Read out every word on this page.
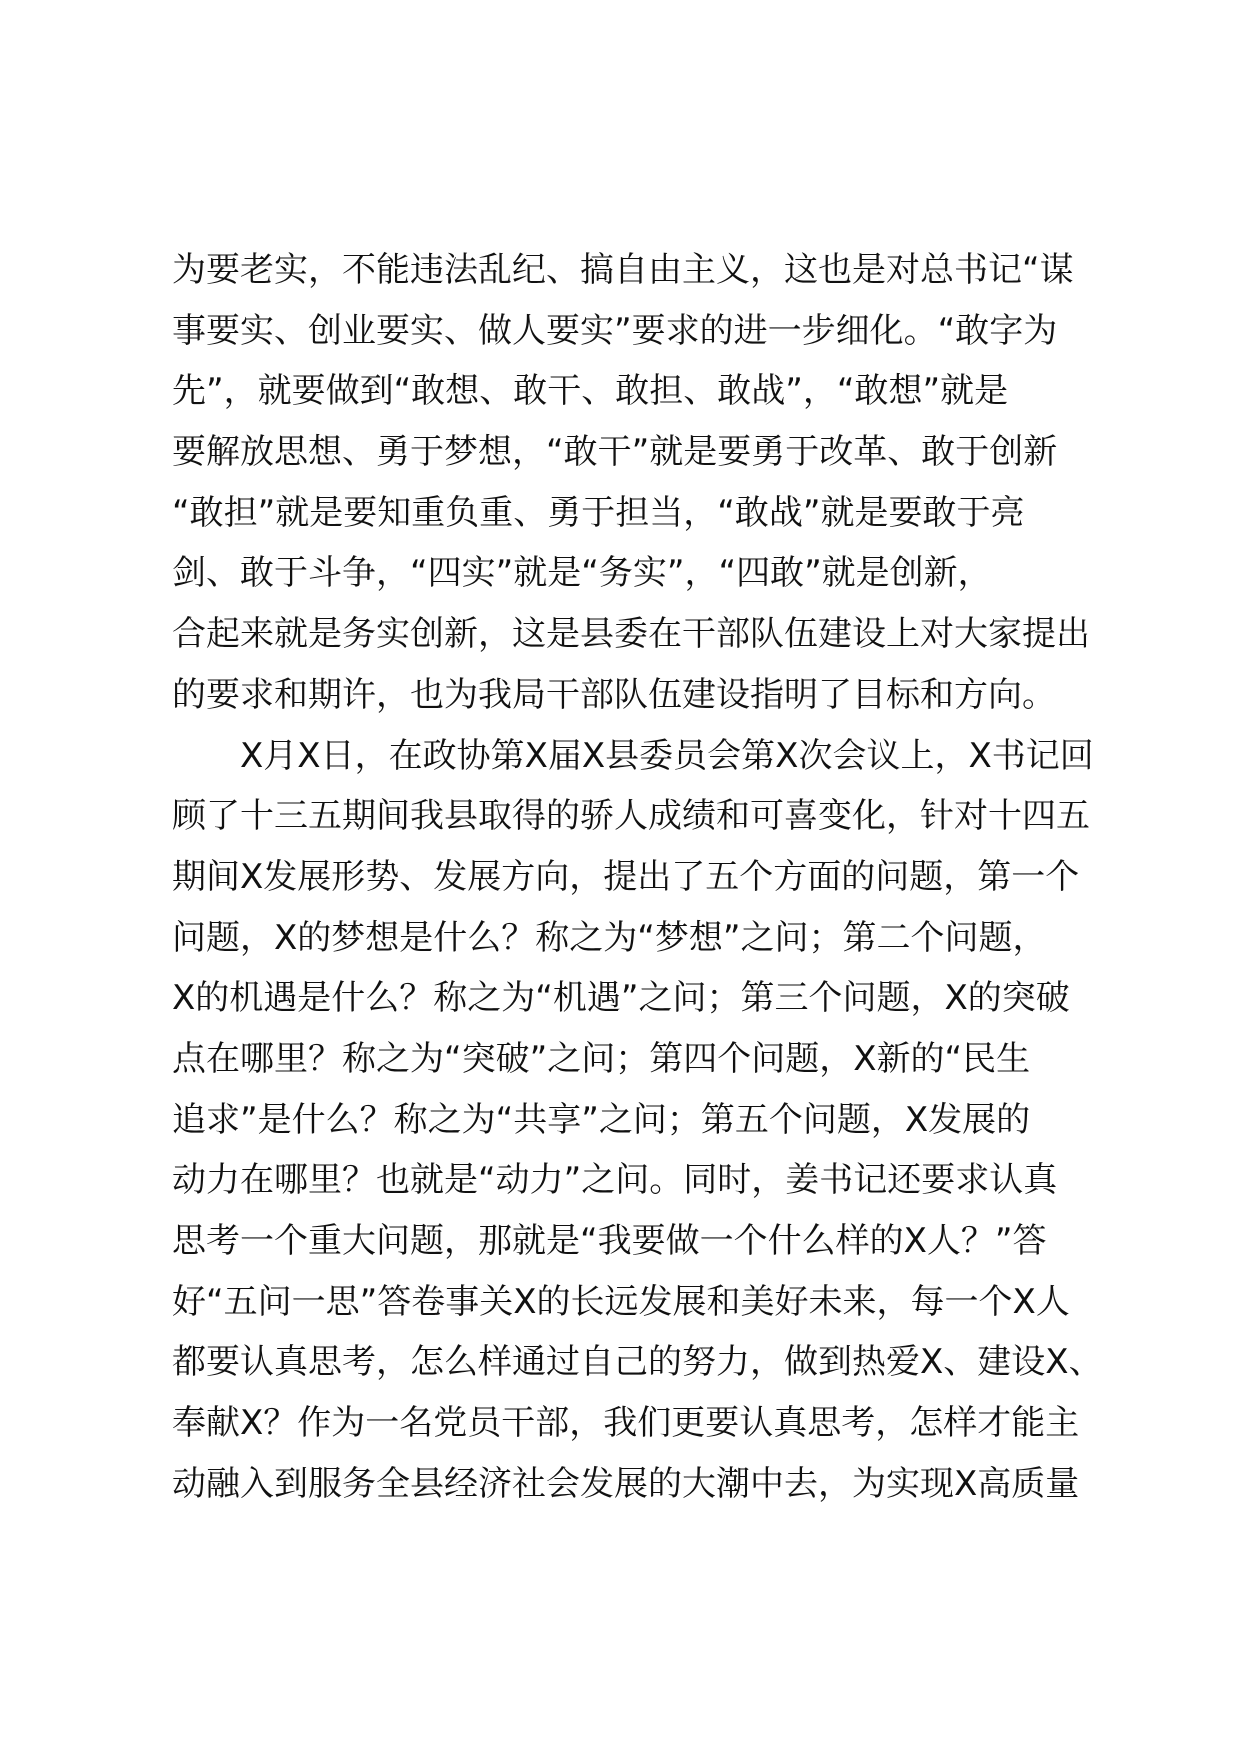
为要老实，不能违法乱纪、搞自由主义，这也是对总书记“谋
事要实、创业要实、做人要实”要求的进一步细化。“敢字为
先”，就要做到“敢想、敢干、敢担、敢战”，“敢想”就是
要解放思想、勇于梦想，“敢干”就是要勇于改革、敢于创新
“敢担”就是要知重负重、勇于担当，“敢战”就是要敢于亮
剑、敢于斗争，“四实”就是“务实”，“四敢”就是创新，
合起来就是务实创新，这是县委在干部队伍建设上对大家提出
的要求和期许，也为我局干部队伍建设指明了目标和方向。
　　X月X日，在政协第X届X县委员会第X次会议上，X书记回
顾了十三五期间我县取得的骄人成绩和可喜变化，针对十四五
期间X发展形势、发展方向，提出了五个方面的问题，第一个
问题，X的梦想是什么？称之为“梦想”之问；第二个问题，
X的机遇是什么？称之为“机遇”之问；第三个问题，X的突破
点在哪里？称之为“突破”之问；第四个问题，X新的“民生
追求”是什么？称之为“共享”之问；第五个问题，X发展的
动力在哪里？也就是“动力”之问。同时，姜书记还要求认真
思考一个重大问题，那就是“我要做一个什么样的X人？”答
好“五问一思”答卷事关X的长远发展和美好未来，每一个X人
都要认真思考，怎么样通过自己的努力，做到热爱X、建设X、
奉献X？作为一名党员干部，我们更要认真思考，怎样才能主
动融入到服务全县经济社会发展的大潮中去，为实现X高质量
